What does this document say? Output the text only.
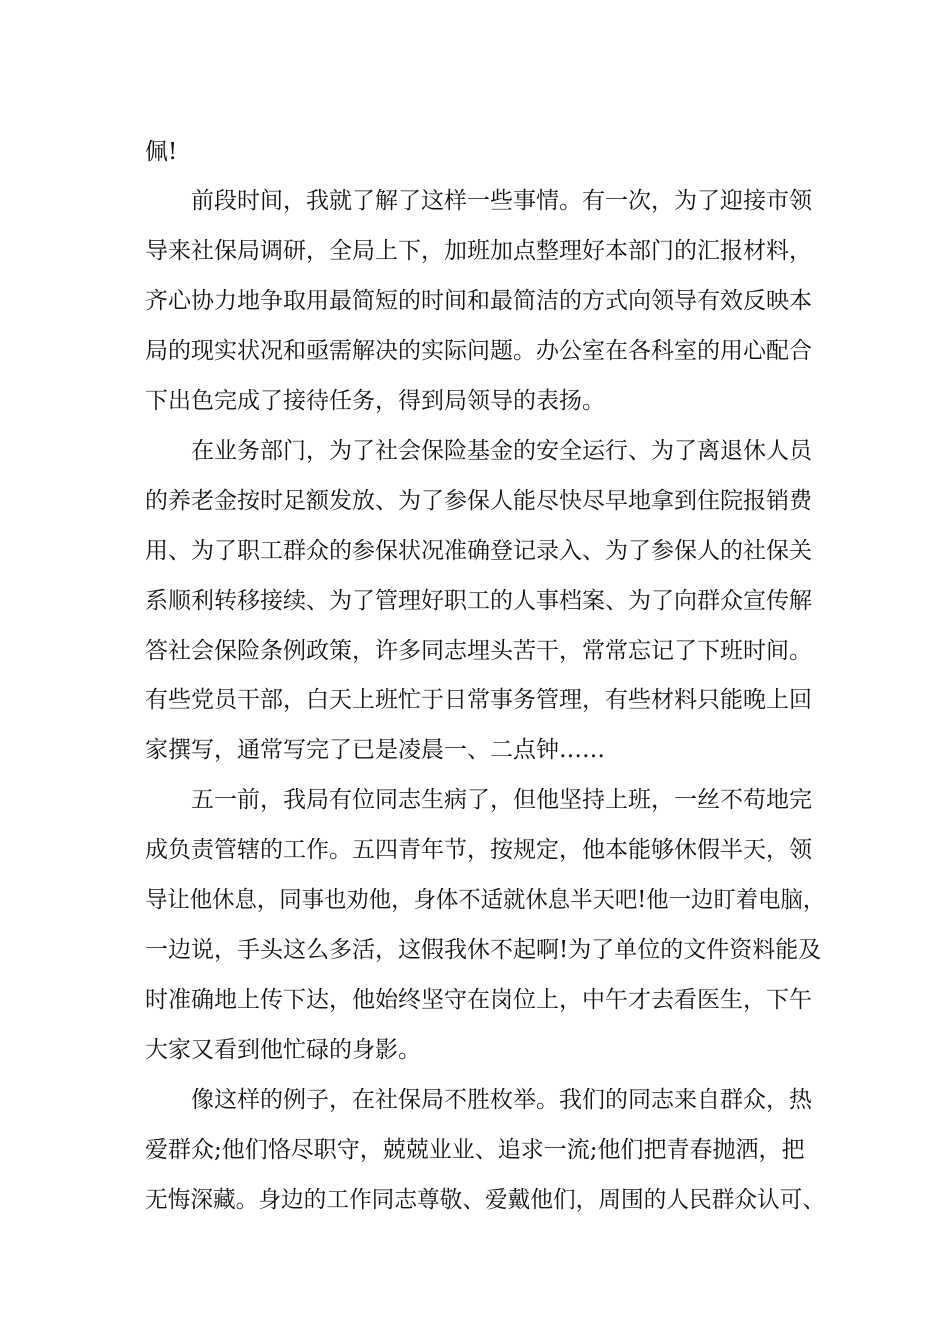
佩!
前段时间，我就了解了这样一些事情。有一次，为了迎接市领
导来社保局调研，全局上下，加班加点整理好本部门的汇报材料，
齐心协力地争取用最简短的时间和最简洁的方式向领导有效反映本
局的现实状况和亟需解决的实际问题。办公室在各科室的用心配合
下出色完成了接待任务，得到局领导的表扬。
在业务部门，为了社会保险基金的安全运行、为了离退休人员
的养老金按时足额发放、为了参保人能尽快尽早地拿到住院报销费
用、为了职工群众的参保状况准确登记录入、为了参保人的社保关
系顺利转移接续、为了管理好职工的人事档案、为了向群众宣传解
答社会保险条例政策，许多同志埋头苦干，常常忘记了下班时间。
有些党员干部，白天上班忙于日常事务管理，有些材料只能晚上回
家撰写，通常写完了已是凌晨一、二点钟……
五一前，我局有位同志生病了，但他坚持上班，一丝不苟地完
成负责管辖的工作。五四青年节，按规定，他本能够休假半天，领
导让他休息，同事也劝他，身体不适就休息半天吧!他一边盯着电脑，
一边说，手头这么多活，这假我休不起啊!为了单位的文件资料能及
时准确地上传下达，他始终坚守在岗位上，中午才去看医生，下午
大家又看到他忙碌的身影。
像这样的例子，在社保局不胜枚举。我们的同志来自群众，热
爱群众;他们恪尽职守，兢兢业业、追求一流;他们把青春抛洒，把
无悔深藏。身边的工作同志尊敬、爱戴他们，周围的人民群众认可、
